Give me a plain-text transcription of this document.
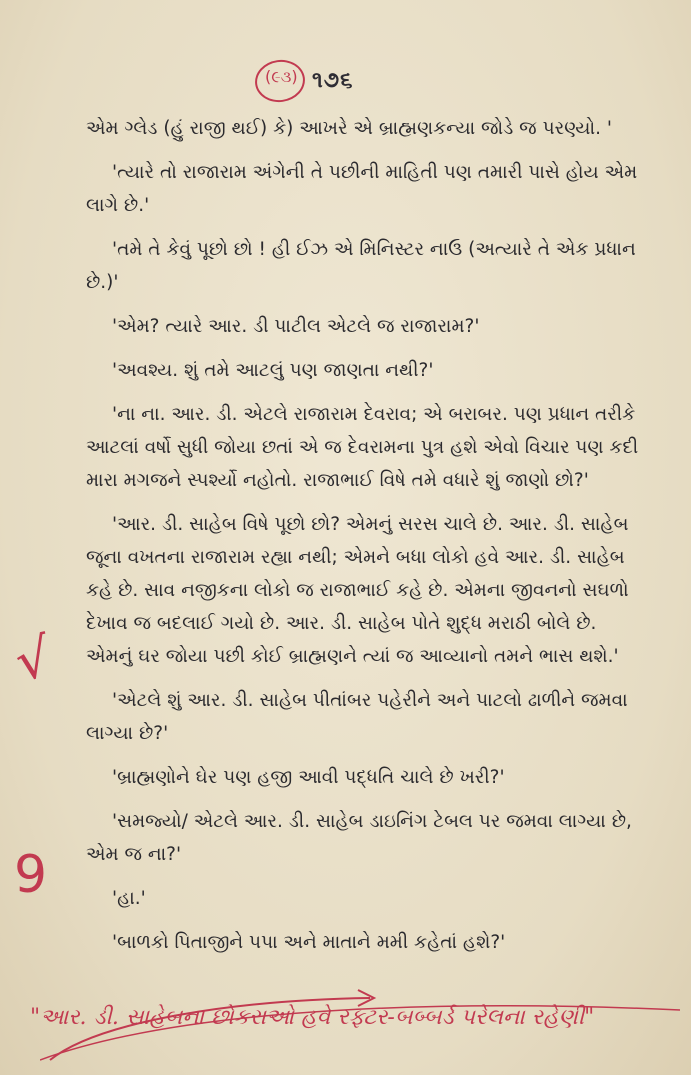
(૯૩) ૧૭૬

એમ ગ્લેડ (હું રાજી થઈ) કે) આખરે એ બ્રાહ્મણકન્યા જોડે જ પરણ્યો. '

'ત્યારે તો રાજારામ અંગેની તે પછીની માહિતી પણ તમારી પાસે હોય એમ લાગે છે.'

'તમે તે કેવું પૂછો છો ! હી ઈઝ એ મિનિસ્ટર નાઉ (અત્યારે તે એક પ્રધાન છે.)'

'એમ? ત્યારે આર. ડી પાટીલ એટલે જ રાજારામ?'

'અવશ્ય. શું તમે આટલું પણ જાણતા નથી?'

'ના ના. આર. ડી. એટલે રાજારામ દેવરાવ; એ બરાબર. પણ પ્રધાન તરીકે આટલાં વર્ષો સુધી જોયા છતાં એ જ દેવરામના પુત્ર હશે એવો વિચાર પણ કદી મારા મગજને સ્પર્શ્યો નહોતો. રાજાભાઈ વિષે તમે વધારે શું જાણો છો?'

'આર. ડી. સાહેબ વિષે પૂછો છો? એમનું સરસ ચાલે છે. આર. ડી. સાહેબ જૂના વખતના રાજારામ રહ્યા નથી; એમને બધા લોકો હવે આર. ડી. સાહેબ કહે છે. સાવ નજીકના લોકો જ રાજાભાઈ કહે છે. એમના જીવનનો સઘળો દેખાવ જ બદલાઈ ગયો છે. આર. ડી. સાહેબ પોતે શુદ્ધ મરાઠી બોલે છે. એમનું ઘર જોયા પછી કોઈ બ્રાહ્મણને ત્યાં જ આવ્યાનો તમને ભાસ થશે.'

'એટલે શું આર. ડી. સાહેબ પીતાંબર પહેરીને અને પાટલો ઢાળીને જમવા લાગ્યા છે?'

'બ્રાહ્મણોને ઘેર પણ હજી આવી પદ્ધતિ ચાલે છે ખરી?'

'સમજ્યો/ એટલે આર. ડી. સાહેબ ડાઇનિંગ ટેબલ પર જમવા લાગ્યા છે, એમ જ ના?'

'હા.'

'બાળકો પિતાજીને પપા અને માતાને મમી કહેતાં હશે?'

√
9
"આર. ડી. સાહેબના છોકરાઓ હવે રફ્ટર-બબ્બર્ડ પરેલના રહેણી"
